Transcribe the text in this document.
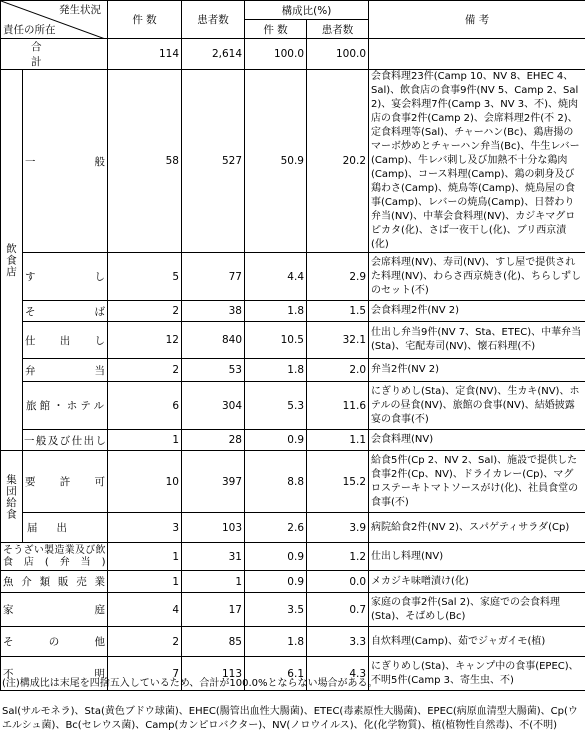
発生状況
責任の所在		件 数	患者数	構成比(%)		備 考
				件 数	患者数	
合 計		114	2,614	100.0	100.0	
飲食店	一 般	58	527	50.9	20.2	会食料理23件(Camp 10、NV 8、EHEC 4、Sal)、飲食店の食事9件(NV 5、Camp 2、Sal 2)、宴会料理7件(Camp 3、NV 3、不)、焼肉店の食事2件(Camp 2)、会席料理2件(不 2)、定食料理等(Sal)、チャーハン(Bc)、鶏唐揚のマーボ炒めとチャーハン弁当(Bc)、牛生レバー(Camp)、牛レバ刺し及び加熱不十分な鶏肉(Camp)、コース料理(Camp)、鶏の刺身及び鶏わさ(Camp)、焼鳥等(Camp)、焼鳥屋の食事(Camp)、レバーの焼鳥(Camp)、日替わり弁当(NV)、中華会食料理(NV)、カジキマグロピカタ(化)、さば一夜干し(化)、ブリ西京漬(化)
	す し	5	77	4.4	2.9	会席料理(NV)、寿司(NV)、すし屋で提供された料理(NV)、わらさ西京焼き(化)、ちらしずしのセット(不)
	そ ば	2	38	1.8	1.5	会食料理2件(NV 2)
	仕 出 し	12	840	10.5	32.1	仕出し弁当9件(NV 7、Sta、ETEC)、中華弁当(Sta)、宅配寿司(NV)、懐石料理(不)
	弁 当	2	53	1.8	2.0	弁当2件(NV 2)
	旅館・ホテル	6	304	5.3	11.6	にぎりめし(Sta)、定食(NV)、生カキ(NV)、ホテルの昼食(NV)、旅館の食事(NV)、結婚披露宴の食事(不)
	一般及び仕出し	1	28	0.9	1.1	会食料理(NV)
集団給食	要 許 可	10	397	8.8	15.2	給食5件(Cp 2、NV 2、Sal)、施設で提供した食事2件(Cp、NV)、ドライカレー(Cp)、マグロステーキトマトソースがけ(化)、社員食堂の食事(不)
	届 出	3	103	2.6	3.9	病院給食2件(NV 2)、スパゲティサラダ(Cp)
そうざい製造業及び飲食店(弁当)		1	31	0.9	1.2	仕出し料理(NV)
魚介類販売業		1	1	0.9	0.0	メカジキ味噌漬け(化)
家 庭		4	17	3.5	0.7	家庭の食事2件(Sal 2)、家庭での会食料理(Sta)、そばめし(Bc)
そ の 他		2	85	1.8	3.3	自炊料理(Camp)、茹でジャガイモ(植)
不 明		7	113	6.1	4.3	にぎりめし(Sta)、キャンプ中の食事(EPEC)、不明5件(Camp 3、寄生虫、不)

(注)構成比は末尾を四捨五入しているため、合計が100.0%とならない場合がある。

Sal(サルモネラ)、Sta(黄色ブドウ球菌)、EHEC(腸管出血性大腸菌)、ETEC(毒素原性大腸菌)、EPEC(病原血清型大腸菌)、Cp(ウエルシュ菌)、Bc(セレウス菌)、Camp(カンピロバクター)、NV(ノロウイルス)、化(化学物質)、植(植物性自然毒)、不(不明)
